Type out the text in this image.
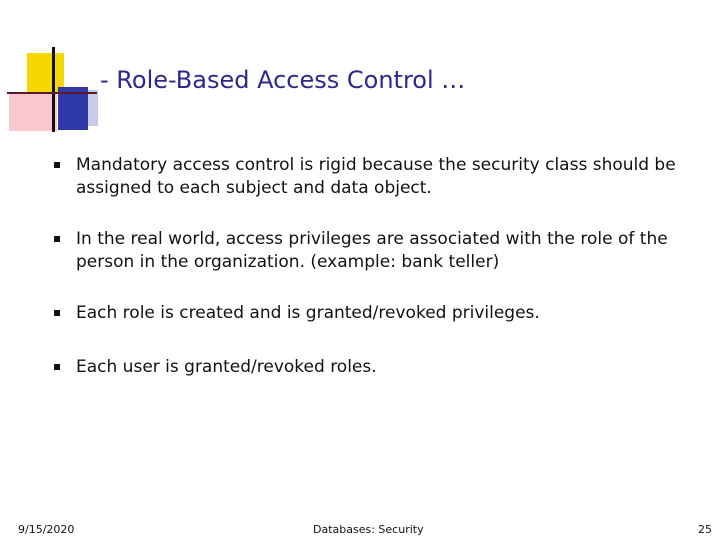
- Role-Based Access Control …
Mandatory access control is rigid because the security class should be assigned to each subject and data object.
In the real world, access privileges are associated with the role of the person in the organization. (example: bank teller)
Each role is created and is granted/revoked privileges.
Each user is granted/revoked roles.
9/15/2020	Databases: Security	25
